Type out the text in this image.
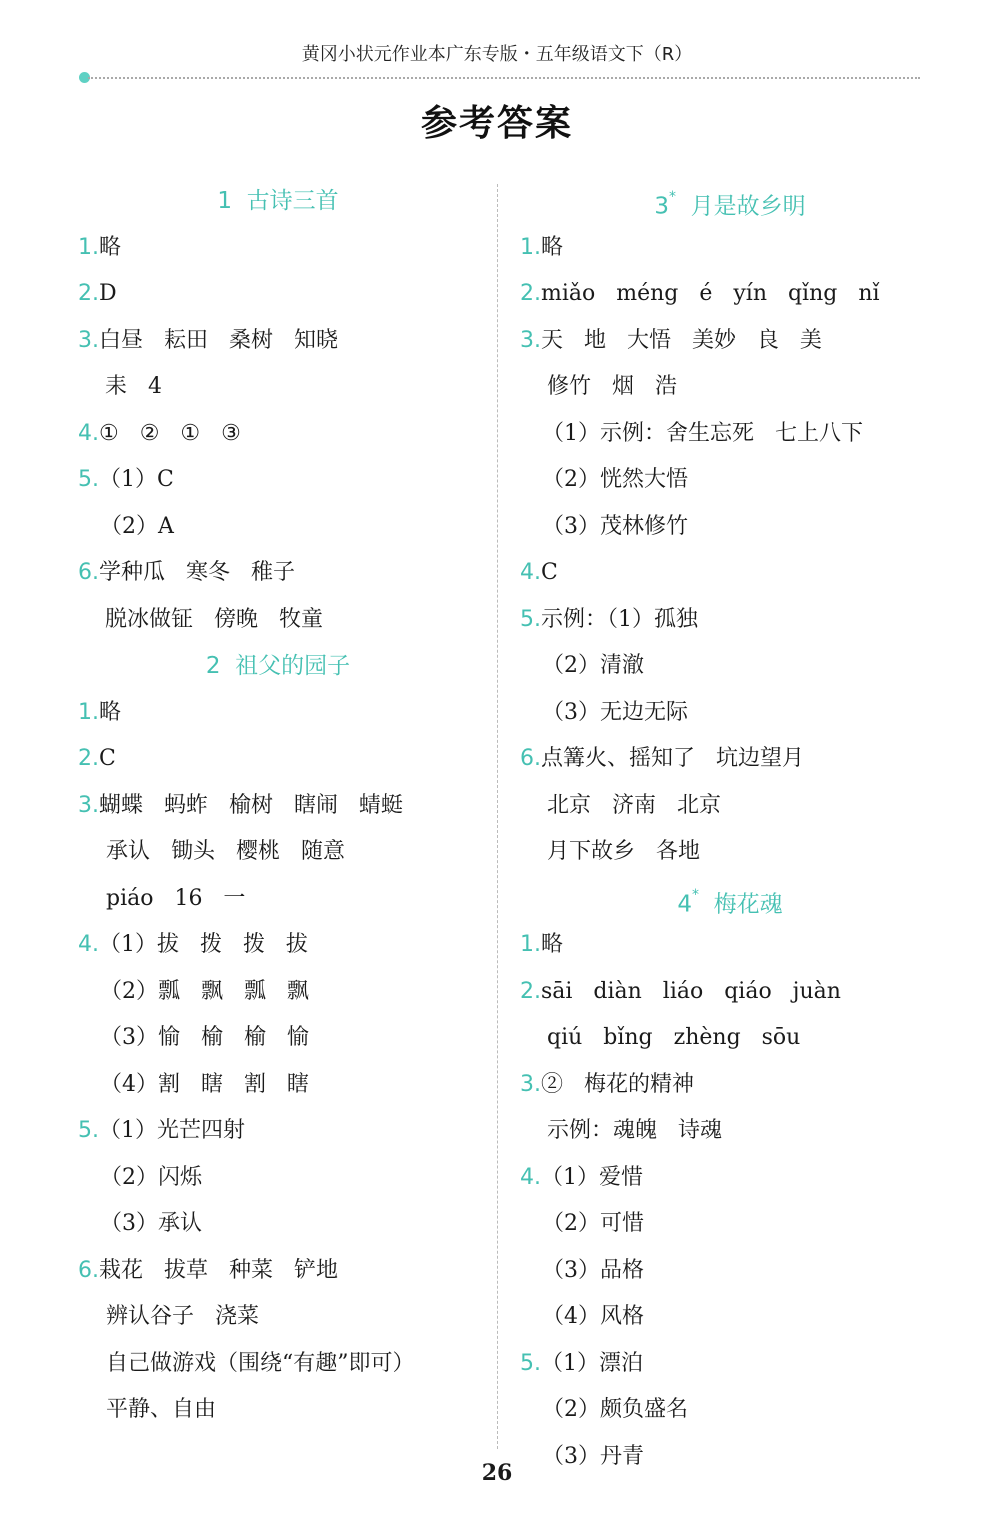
黄冈小状元作业本广东专版・五年级语文下（R）
参考答案
1  古诗三首
1.略
2.D
3.白昼   耘田   桑树   知晓
耒   4
4.①   ②   ①   ③
5.（1）C
（2）A
6.学种瓜   寒冬   稚子
脱冰做钲   傍晚   牧童
2  祖父的园子
1.略
2.C
3.蝴蝶   蚂蚱   榆树   瞎闹   蜻蜓
承认   锄头   樱桃   随意
piáo   16   一
4.（1）拔   拨   拨   拔
（2）瓢   飘   瓢   飘
（3）愉   榆   榆   愉
（4）割   瞎   割   瞎
5.（1）光芒四射
（2）闪烁
（3）承认
6.栽花   拔草   种菜   铲地
辨认谷子   浇菜
自己做游戏（围绕“有趣”即可）
平静、自由
3*  月是故乡明
1.略
2.miǎo   méng   é   yín   qǐng   nǐ
3.天   地   大悟   美妙   良   美
修竹   烟   浩
（1）示例：舍生忘死   七上八下
（2）恍然大悟
（3）茂林修竹
4.C
5.示例：（1）孤独
（2）清澈
（3）无边无际
6.点篝火、摇知了   坑边望月
北京   济南   北京
月下故乡   各地
4*  梅花魂
1.略
2.sāi   diàn   liáo   qiáo   juàn
qiú   bǐng   zhèng   sōu
3.②   梅花的精神
示例：魂魄   诗魂
4.（1）爱惜
（2）可惜
（3）品格
（4）风格
5.（1）漂泊
（2）颇负盛名
（3）丹青
26
